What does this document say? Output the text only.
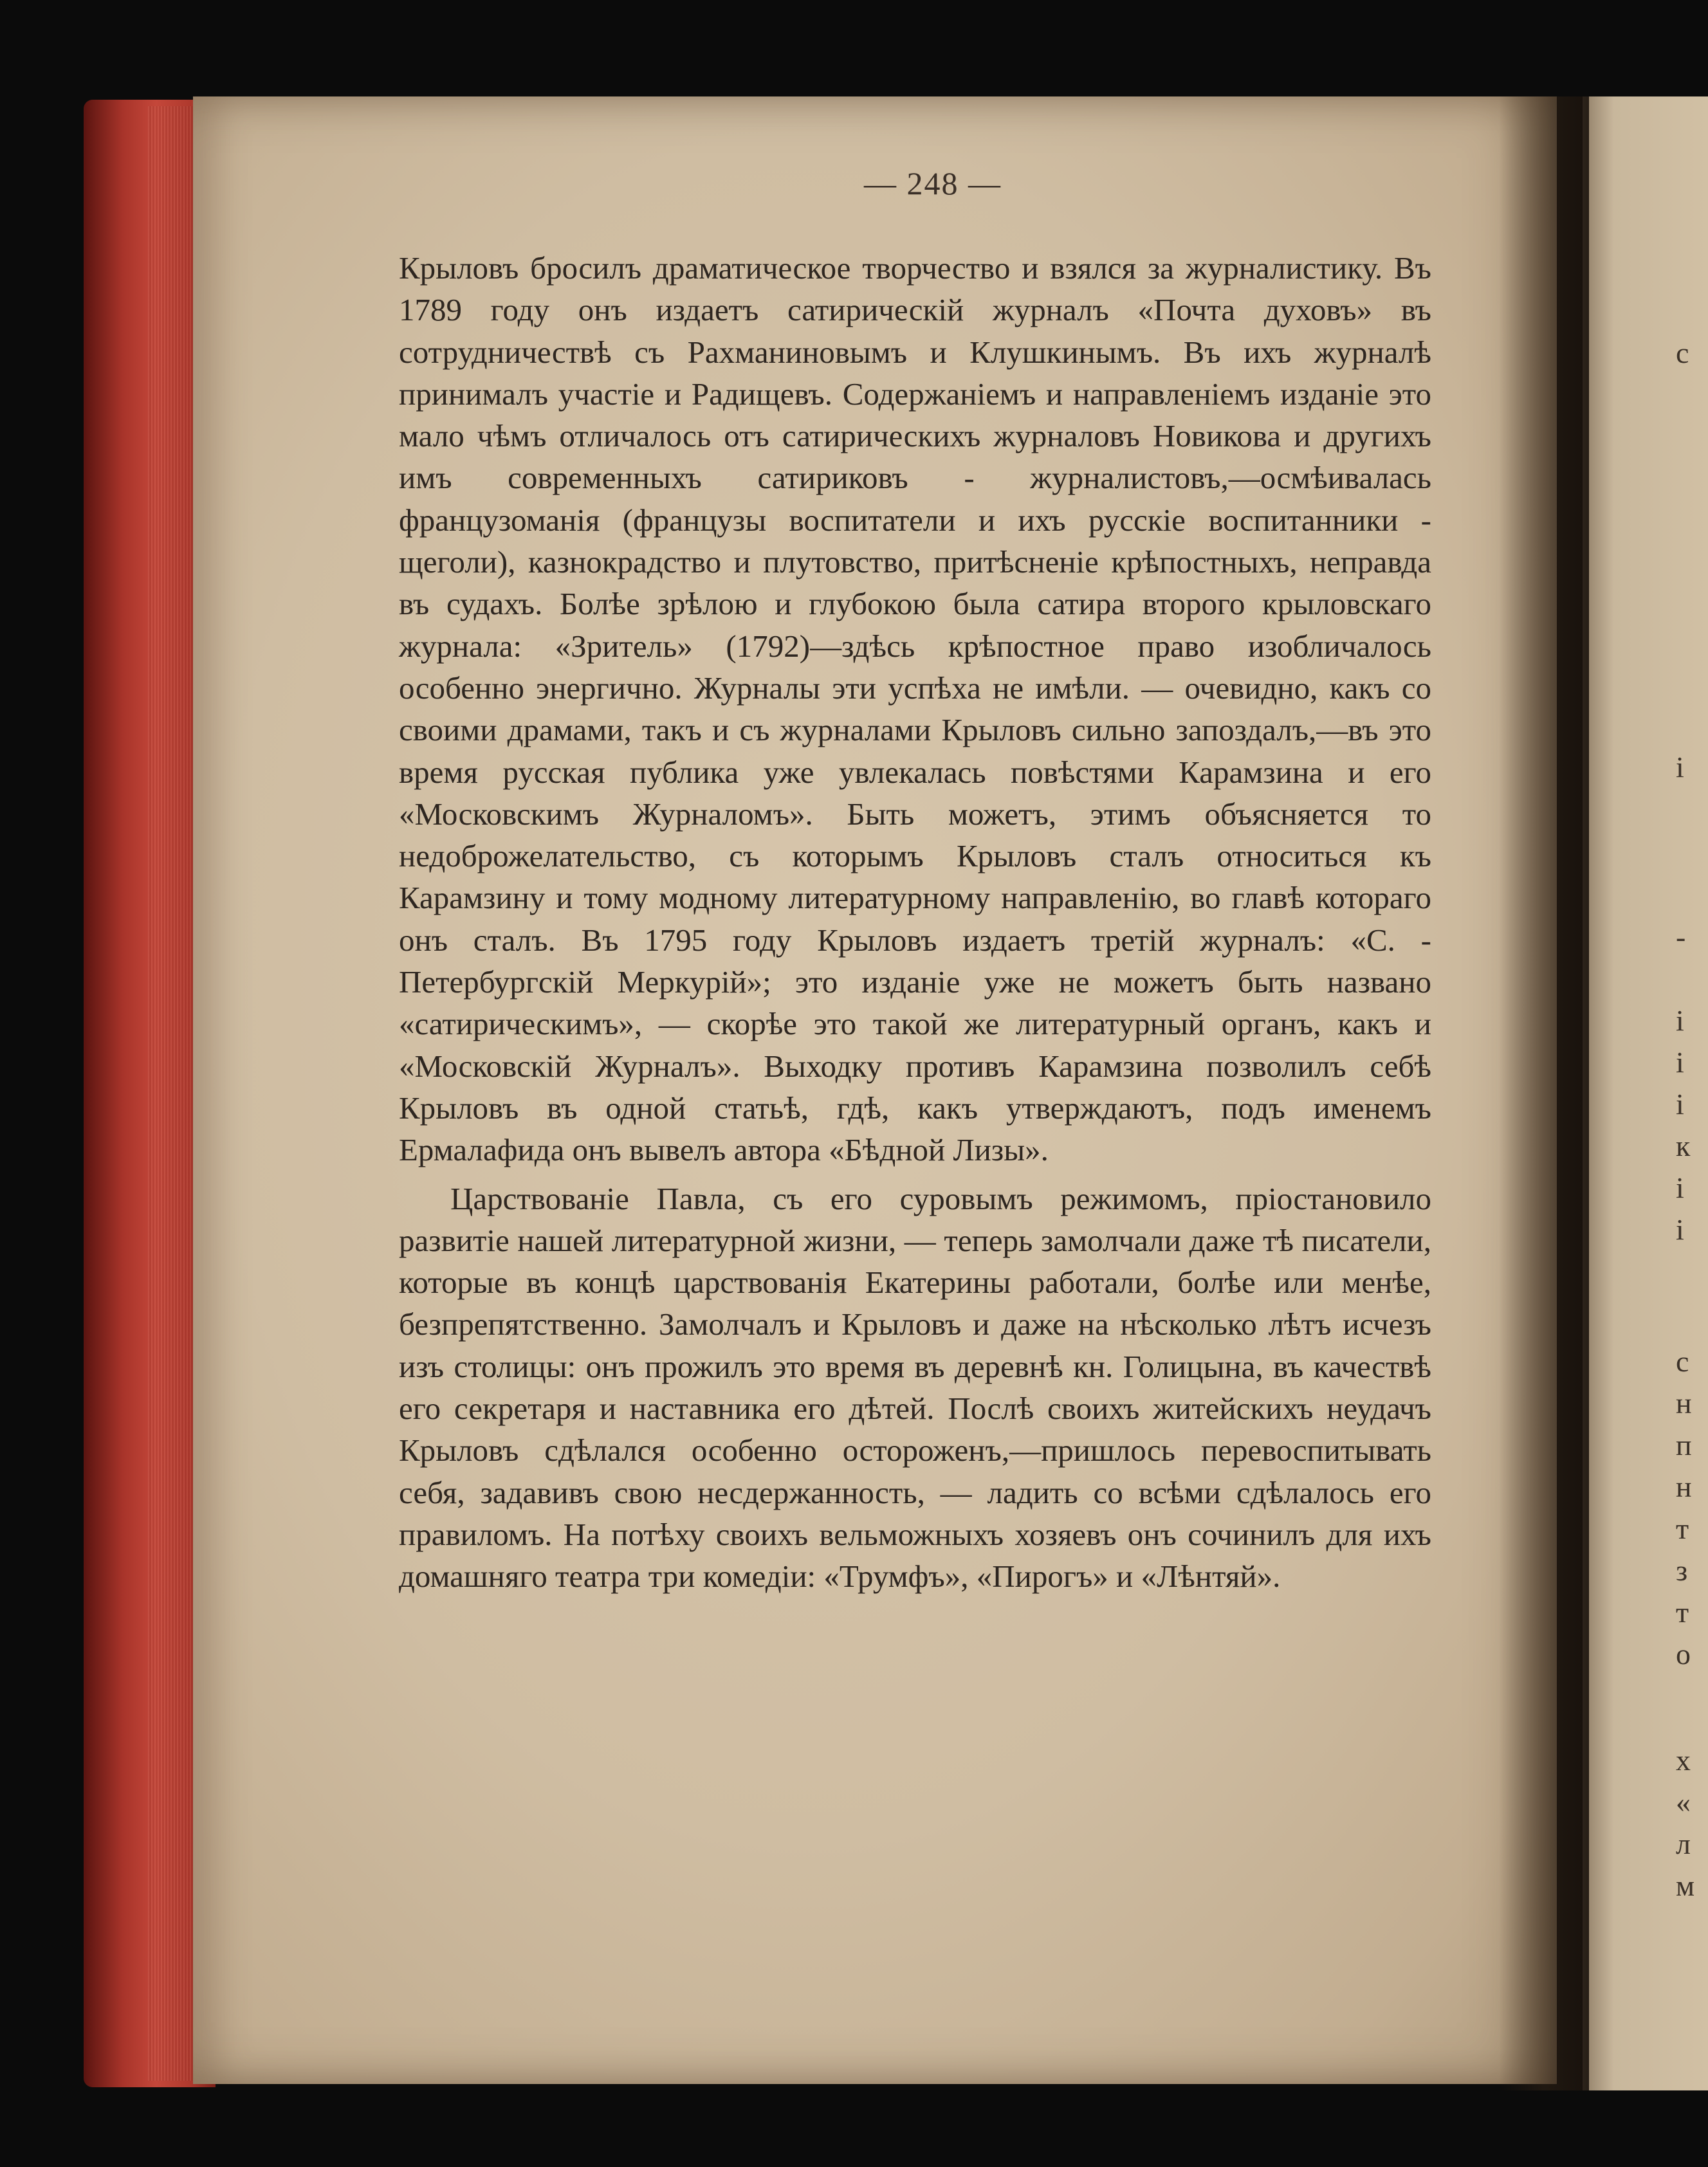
с
і
-
і
і
і
к
і
і
с
н
п
н
т
з
т
о
х
«
л
м
— 248 —

Крыловъ бросилъ драматическое творчество и взялся за журналистику. Въ 1789 году онъ издаетъ сатирическій журналъ «Почта духовъ» въ сотрудничествѣ съ Рахманиновымъ и Клушкинымъ. Въ ихъ журналѣ принималъ участіе и Радищевъ. Содержаніемъ и направленіемъ изданіе это мало чѣмъ отличалось отъ сатирическихъ журналовъ Новикова и другихъ имъ современныхъ сатириковъ - журналистовъ,—осмѣивалась французоманія (французы воспитатели и ихъ русскіе воспитанники - щеголи), казнокрадство и плутовство, притѣсненіе крѣпостныхъ, неправда въ судахъ. Болѣе зрѣлою и глубокою была сатира второго крыловскаго журнала: «Зритель» (1792)—здѣсь крѣпостное право изобличалось особенно энергично. Журналы эти успѣха не имѣли. — очевидно, какъ со своими драмами, такъ и съ журналами Крыловъ сильно запоздалъ,—въ это время русская публика уже увлекалась повѣстями Карамзина и его «Московскимъ Журналомъ». Быть можетъ, этимъ объясняется то недоброжелательство, съ которымъ Крыловъ сталъ относиться къ Карамзину и тому модному литературному направленію, во главѣ котораго онъ сталъ. Въ 1795 году Крыловъ издаетъ третій журналъ: «С. - Петербургскій Меркурій»; это изданіе уже не можетъ быть названо «сатирическимъ», — скорѣе это такой же литературный органъ, какъ и «Московскій Журналъ». Выходку противъ Карамзина позволилъ себѣ Крыловъ въ одной статьѣ, гдѣ, какъ утверждаютъ, подъ именемъ Ермалафида онъ вывелъ автора «Бѣдной Лизы».

Царствованіе Павла, съ его суровымъ режимомъ, пріостановило развитіе нашей литературной жизни, — теперь замолчали даже тѣ писатели, которые въ концѣ царствованія Екатерины работали, болѣе или менѣе, безпрепятственно. Замолчалъ и Крыловъ и даже на нѣсколько лѣтъ исчезъ изъ столицы: онъ прожилъ это время въ деревнѣ кн. Голицына, въ качествѣ его секретаря и наставника его дѣтей. Послѣ своихъ житейскихъ неудачъ Крыловъ сдѣлался особенно остороженъ,—пришлось перевоспитывать себя, задавивъ свою несдержанность, — ладить со всѣми сдѣлалось его правиломъ. На потѣху своихъ вельможныхъ хозяевъ онъ сочинилъ для ихъ домашняго театра три комедіи: «Трумфъ», «Пирогъ» и «Лѣнтяй».
